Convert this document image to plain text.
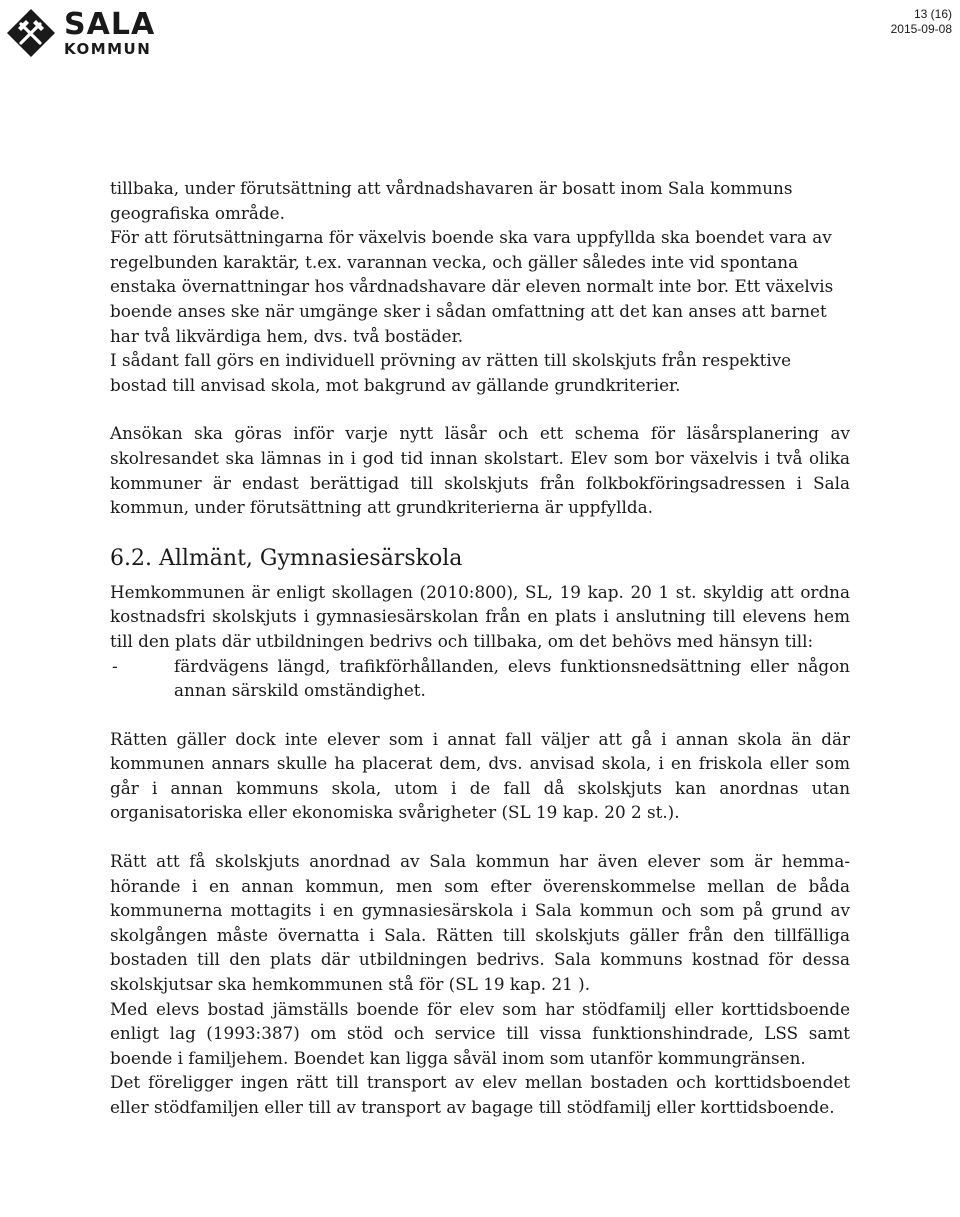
SALA
KOMMUN
13 (16)
2015-09-08

tillbaka, under förutsättning att vårdnadshavaren är bosatt inom Sala kommuns geografiska område.

För att förutsättningarna för växelvis boende ska vara uppfyllda ska boendet vara av regelbunden karaktär, t.ex. varannan vecka, och gäller således inte vid spontana enstaka övernattningar hos vårdnadshavare där eleven normalt inte bor. Ett växelvis boende anses ske när umgänge sker i sådan omfattning att det kan anses att barnet har två likvärdiga hem, dvs. två bostäder.

I sådant fall görs en individuell prövning av rätten till skolskjuts från respektive bostad till anvisad skola, mot bakgrund av gällande grundkriterier.

Ansökan ska göras inför varje nytt läsår och ett schema för läsårsplanering av skolresandet ska lämnas in i god tid innan skolstart. Elev som bor växelvis i två olika kommuner är endast berättigad till skolskjuts från folkbokföringsadressen i Sala kommun, under förutsättning att grundkriterierna är uppfyllda.

6.2. Allmänt, Gymnasiesärskola

Hemkommunen är enligt skollagen (2010:800), SL, 19 kap. 20 1 st. skyldig att ordna kostnadsfri skolskjuts i gymnasiesärskolan från en plats i anslutning till elevens hem till den plats där utbildningen bedrivs och tillbaka, om det behövs med hänsyn till:

-	färdvägens längd, trafikförhållanden, elevs funktionsnedsättning eller någon annan särskild omständighet.

Rätten gäller dock inte elever som i annat fall väljer att gå i annan skola än där kommunen annars skulle ha placerat dem, dvs. anvisad skola, i en friskola eller som går i annan kommuns skola, utom i de fall då skolskjuts kan anordnas utan organisatoriska eller ekonomiska svårigheter (SL 19 kap. 20 2 st.).

Rätt att få skolskjuts anordnad av Sala kommun har även elever som är hemma-hörande i en annan kommun, men som efter överenskommelse mellan de båda kommunerna mottagits i en gymnasiesärskola i Sala kommun och som på grund av skolgången måste övernatta i Sala. Rätten till skolskjuts gäller från den tillfälliga bostaden till den plats där utbildningen bedrivs. Sala kommuns kostnad för dessa skolskjutsar ska hemkommunen stå för (SL 19 kap. 21 ).

Med elevs bostad jämställs boende för elev som har stödfamilj eller korttidsboende enligt lag (1993:387) om stöd och service till vissa funktionshindrade, LSS samt boende i familjehem. Boendet kan ligga såväl inom som utanför kommungränsen.

Det föreligger ingen rätt till transport av elev mellan bostaden och korttidsboendet eller stödfamiljen eller till av transport av bagage till stödfamilj eller korttidsboende.
